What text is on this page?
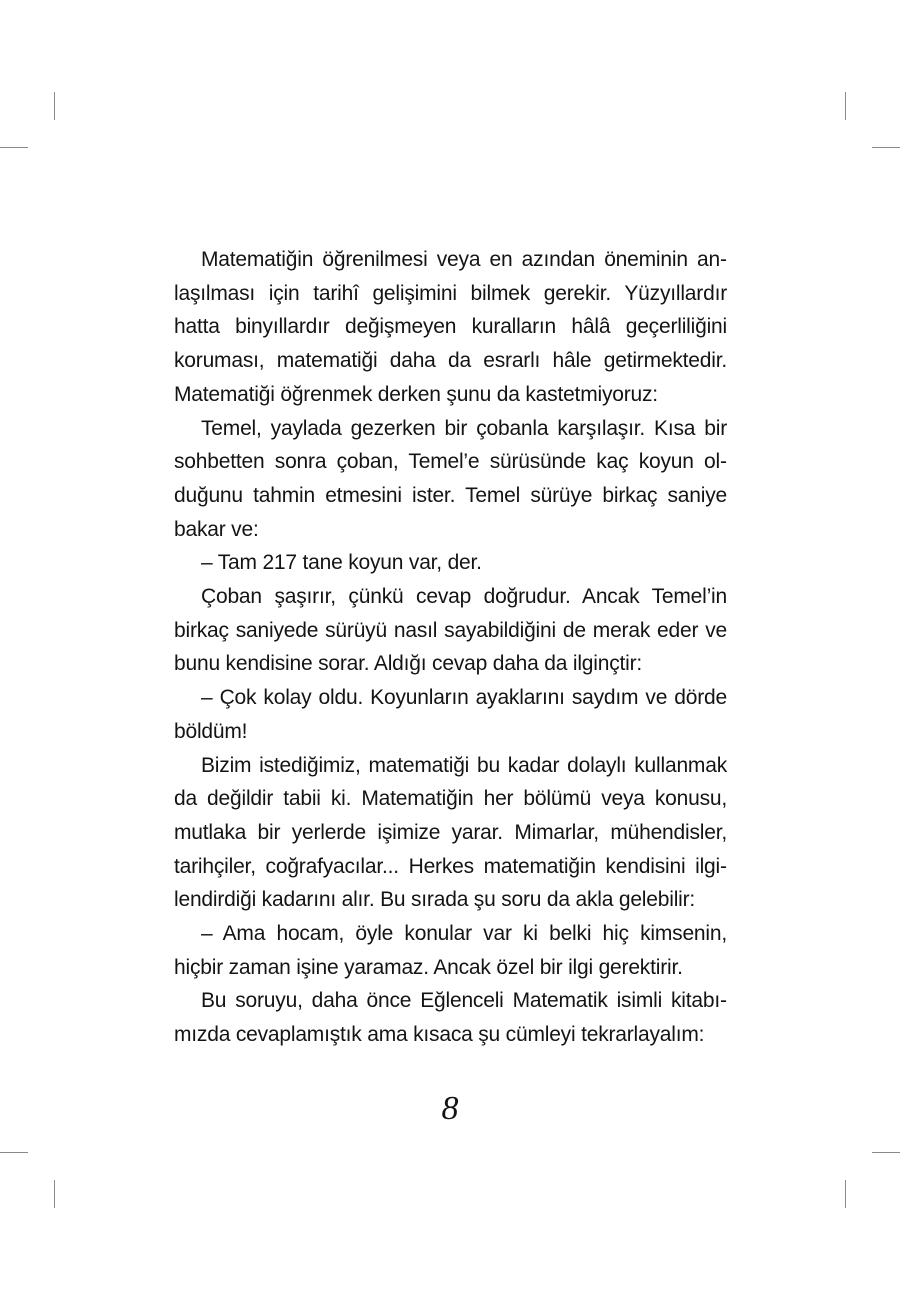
Matematiğin öğrenilmesi veya en azından öneminin anlaşılması için tarihî gelişimini bilmek gerekir. Yüzyıllardır hatta binyıllardır değişmeyen kuralların hâlâ geçerliliğini koruması, matematiği daha da esrarlı hâle getirmektedir. Matematiği öğrenmek derken şunu da kastetmiyoruz:

Temel, yaylada gezerken bir çobanla karşılaşır. Kısa bir sohbetten sonra çoban, Temel’e sürüsünde kaç koyun olduğunu tahmin etmesini ister. Temel sürüye birkaç saniye bakar ve:

– Tam 217 tane koyun var, der.

Çoban şaşırır, çünkü cevap doğrudur. Ancak Temel’in birkaç saniyede sürüyü nasıl sayabildiğini de merak eder ve bunu kendisine sorar. Aldığı cevap daha da ilginçtir:

– Çok kolay oldu. Koyunların ayaklarını saydım ve dörde böldüm!

Bizim istediğimiz, matematiği bu kadar dolaylı kullanmak da değildir tabii ki. Matematiğin her bölümü veya konusu, mutlaka bir yerlerde işimize yarar. Mimarlar, mühendisler, tarihçiler, coğrafyacılar... Herkes matematiğin kendisini ilgilendirdiği kadarını alır. Bu sırada şu soru da akla gelebilir:

– Ama hocam, öyle konular var ki belki hiç kimsenin, hiçbir zaman işine yaramaz. Ancak özel bir ilgi gerektirir.

Bu soruyu, daha önce Eğlenceli Matematik isimli kitabımızda cevaplamıştık ama kısaca şu cümleyi tekrarlayalım:

8
